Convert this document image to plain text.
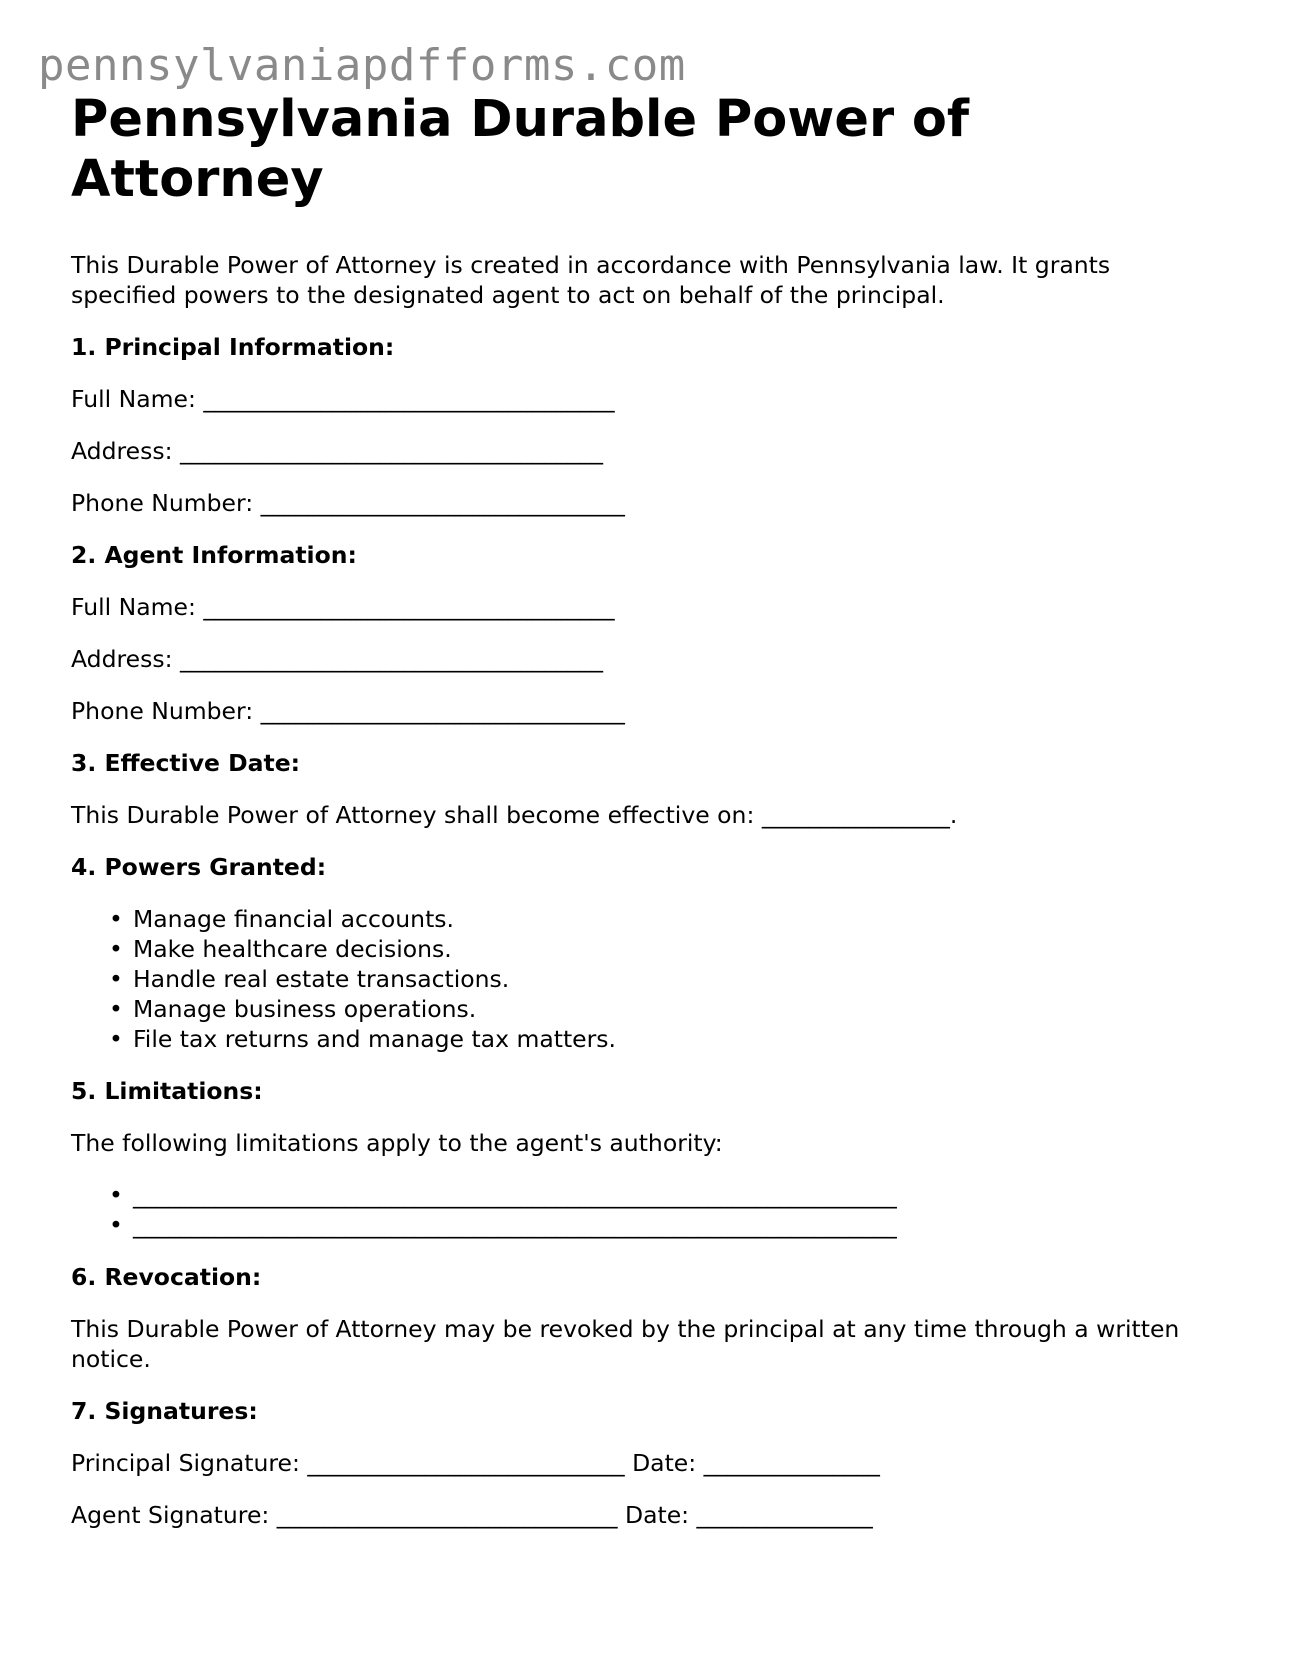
pennsylvaniapdfforms.com
Pennsylvania Durable Power of Attorney

This Durable Power of Attorney is created in accordance with Pennsylvania law. It grants specified powers to the designated agent to act on behalf of the principal.

1. Principal Information:

Full Name: ___________________________________

Address: ____________________________________

Phone Number: _______________________________

2. Agent Information:

Full Name: ___________________________________

Address: ____________________________________

Phone Number: _______________________________

3. Effective Date:

This Durable Power of Attorney shall become effective on: ________________.

4. Powers Granted:
• Manage financial accounts.
• Make healthcare decisions.
• Handle real estate transactions.
• Manage business operations.
• File tax returns and manage tax matters.
5. Limitations:

The following limitations apply to the agent's authority:

• _________________________________________________________________
• _________________________________________________________________
6. Revocation:

This Durable Power of Attorney may be revoked by the principal at any time through a written notice.

7. Signatures:

Principal Signature: ___________________________ Date: _______________

Agent Signature: _____________________________ Date: _______________
